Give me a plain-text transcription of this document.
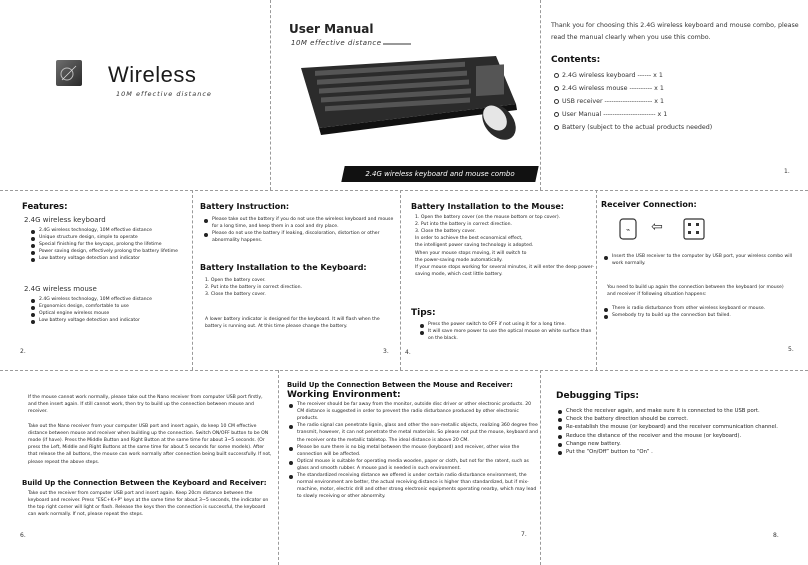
Wireless
10M effective distance
User Manual
10M effective distance
2.4G wireless keyboard and mouse combo
Thank you for choosing this 2.4G wireless keyboard and mouse combo, please read the manual clearly when you use this combo.
Contents:
2.4G wireless keyboard ------ x 1
2.4G wireless mouse ---------- x 1
USB receiver --------------------- x 1
User Manual ----------------------- x 1
Battery (subject to the actual products needed)
1.
Features:
2.4G wireless keyboard
2.4G wireless technology, 10M effective distance
Unique structure design, simple to operate
Special finishing for the keycaps, prolong the lifetime
Power saving design, effectively prolong the battery lifetime
Low battery voltage detection and indicator
2.4G wireless mouse
2.4G wireless technology, 10M effective distance
Ergonomics design, comfortable to use
Optical engine wireless mouse
Low battery voltage detection and indicator
2.
Battery Instruction:
Please take out the battery if you do not use the wireless keyboard and mouse for a long time, and keep them in a cool and dry place.
Please do not use the battery if leaking, discoloration, distortion or other abnormality happens.
Battery Installation to the Keyboard:
1. Open the battery cover.
2. Put into the battery in correct direction.
3. Close the battery cover.
A lower battery indicator is designed for the keyboard. It will flash when the battery is running out. At this time please change the battery.
3.
Battery Installation to the Mouse:
1. Open the battery cover (on the mouse bottom or top cover).
2. Put into the battery in correct direction.
3. Close the battery cover.
In order to achieve the best economical effect,
the intelligent power saving technology is adopted.
When your mouse stops moving, it will switch to
the power-saving mode automatically.
If your mouse stops working for several minutes, it will enter the deep power-saving mode, which cost little battery.
Tips:
Press the power switch to OFF if not using it for a long time.
It will save more power to use the optical mouse on white surface than on the black.
4.
Receiver Connection:
⌁ ⇦
Insert the USB receiver to the computer by USB port, your wireless combo will work normally.
You need to build up again the connection between the keyboard (or mouse) and receiver if following situation happens:
There is radio disturbance from other wireless keyboard or mouse.
Somebody try to build up the connection but failed.
5.
If the mouse cannot work normally, please take out the Nano receiver from computer USB port firstly, and then insert again. If still cannot work, then try to build up the connection between mouse and receiver.
Take out the Nano receiver from your computer USB port and insert again, do keep 10 CM effective distance between mouse and receiver when building up the connection. Switch ON/OFF button to be ON mode (if have). Press the Middle Button and Right Button at the same time for about 3~5 seconds. (Or press the Left, Middle and Right Buttons at the same time for about 5 seconds for some models). After that release the all buttons, the mouse can work normally after connection being built successfully. If not, please repeat the above steps.
Build Up the Connection Between the Keyboard and Receiver:
Take out the receiver from computer USB port and insert again. Keep 20cm distance between the keyboard and receiver. Press "ESC+K+P" keys at the same time for about 3~5 seconds, the indicator on the top right corner will light or flash. Release the keys then the connection is successful, the keyboard can work normally. If not, please repeat the steps.
6.
Build Up the Connection Between the Mouse and Receiver:
Working Environment:
The receiver should be far away from the monitor, outside disc driver or other electronic products. 20 CM distance is suggested in order to prevent the radio disturbance produced by other electronic products.
The radio signal can penetrate lignin, glass and other the non-metallic objects, realizing 360 degree free transmit, however, it can not penetrate the metal materials. So please not put the mouse, keyboard and the receiver onto the metallic tabletop. The ideal distance is above 20 CM.
Please be sure there is no big metal between the mouse (keyboard) and receiver, other wise the connection will be affected.
Optical mouse is suitable for operating media wooden, paper or cloth, but not for the ratent, such as glass and smooth rubber. A mouse pad is needed in such environment.
The standardized receiving distance we offered is under certain radio disturbance environment, the normal environment are better, the actual receiving distance is higher than standardized, but if mix-machine, motor, electric drill and other strong electronic equipments operating nearby, which may lead to slowly receiving or other abnormity.
7.
Debugging Tips:
Check the receiver again, and make sure it is connected to the USB port.
Check the battery direction should be correct.
Re-establish the mouse (or keyboard) and the receiver communication channel.
Reduce the distance of the receiver and the mouse (or keyboard).
Change new battery.
Put the “On/Off” button to “On” .
8.
